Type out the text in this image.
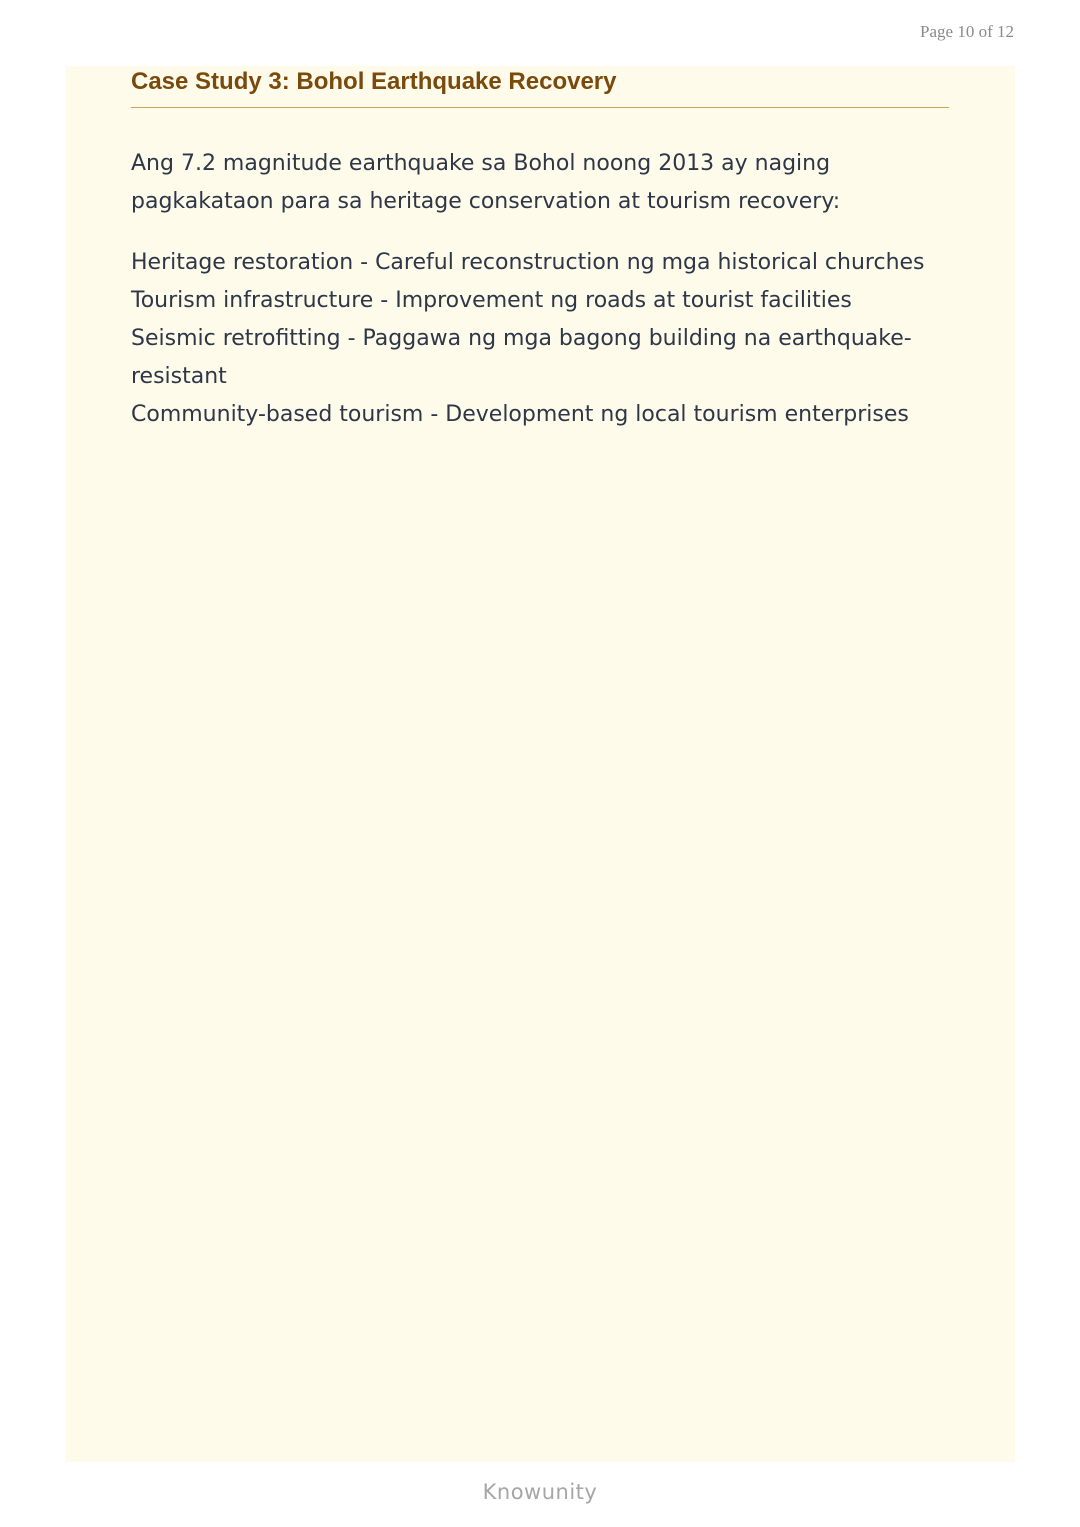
Page 10 of 12
Case Study 3: Bohol Earthquake Recovery

Ang 7.2 magnitude earthquake sa Bohol noong 2013 ay naging pagkakataon para sa heritage conservation at tourism recovery:

Heritage restoration - Careful reconstruction ng mga historical churches
Tourism infrastructure - Improvement ng roads at tourist facilities
Seismic retrofitting - Paggawa ng mga bagong building na earthquake-resistant
Community-based tourism - Development ng local tourism enterprises
Knowunity
